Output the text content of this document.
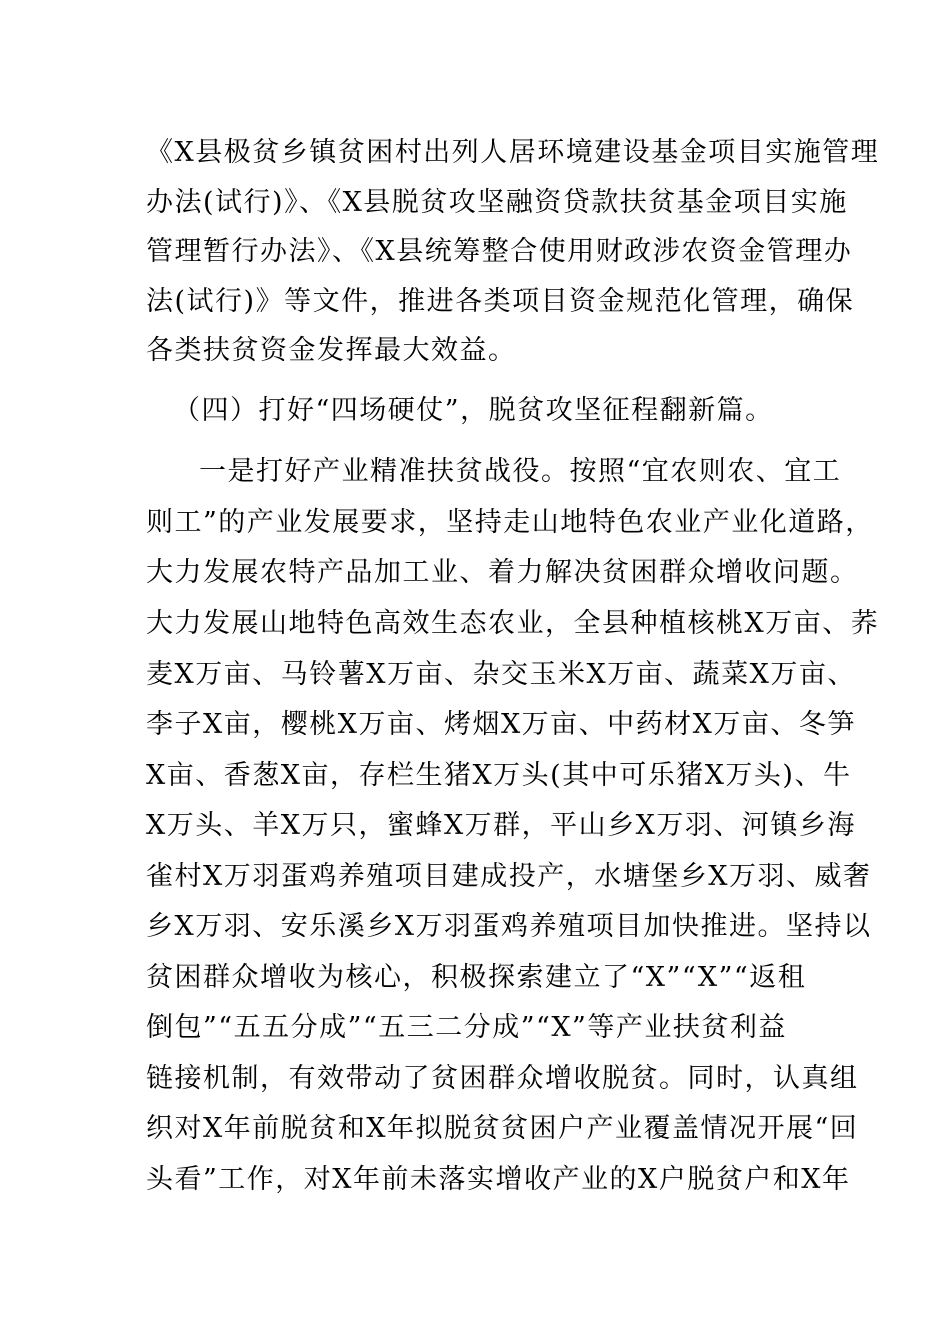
《X县极贫乡镇贫困村出列人居环境建设基金项目实施管理
办法(试行)》、《X县脱贫攻坚融资贷款扶贫基金项目实施
管理暂行办法》、《X县统筹整合使用财政涉农资金管理办
法(试行)》等文件，推进各类项目资金规范化管理，确保
各类扶贫资金发挥最大效益。
（四）打好“四场硬仗”，脱贫攻坚征程翻新篇。
一是打好产业精准扶贫战役。按照“宜农则农、宜工
则工”的产业发展要求，坚持走山地特色农业产业化道路，
大力发展农特产品加工业、着力解决贫困群众增收问题。
大力发展山地特色高效生态农业，全县种植核桃X万亩、荞
麦X万亩、马铃薯X万亩、杂交玉米X万亩、蔬菜X万亩、
李子X亩，樱桃X万亩、烤烟X万亩、中药材X万亩、冬笋
X亩、香葱X亩，存栏生猪X万头(其中可乐猪X万头)、牛
X万头、羊X万只，蜜蜂X万群，平山乡X万羽、河镇乡海
雀村X万羽蛋鸡养殖项目建成投产，水塘堡乡X万羽、威奢
乡X万羽、安乐溪乡X万羽蛋鸡养殖项目加快推进。坚持以
贫困群众增收为核心，积极探索建立了“X”“X”“返租
倒包”“五五分成”“五三二分成”“X”等产业扶贫利益
链接机制，有效带动了贫困群众增收脱贫。同时，认真组
织对X年前脱贫和X年拟脱贫贫困户产业覆盖情况开展“回
头看”工作，对X年前未落实增收产业的X户脱贫户和X年
